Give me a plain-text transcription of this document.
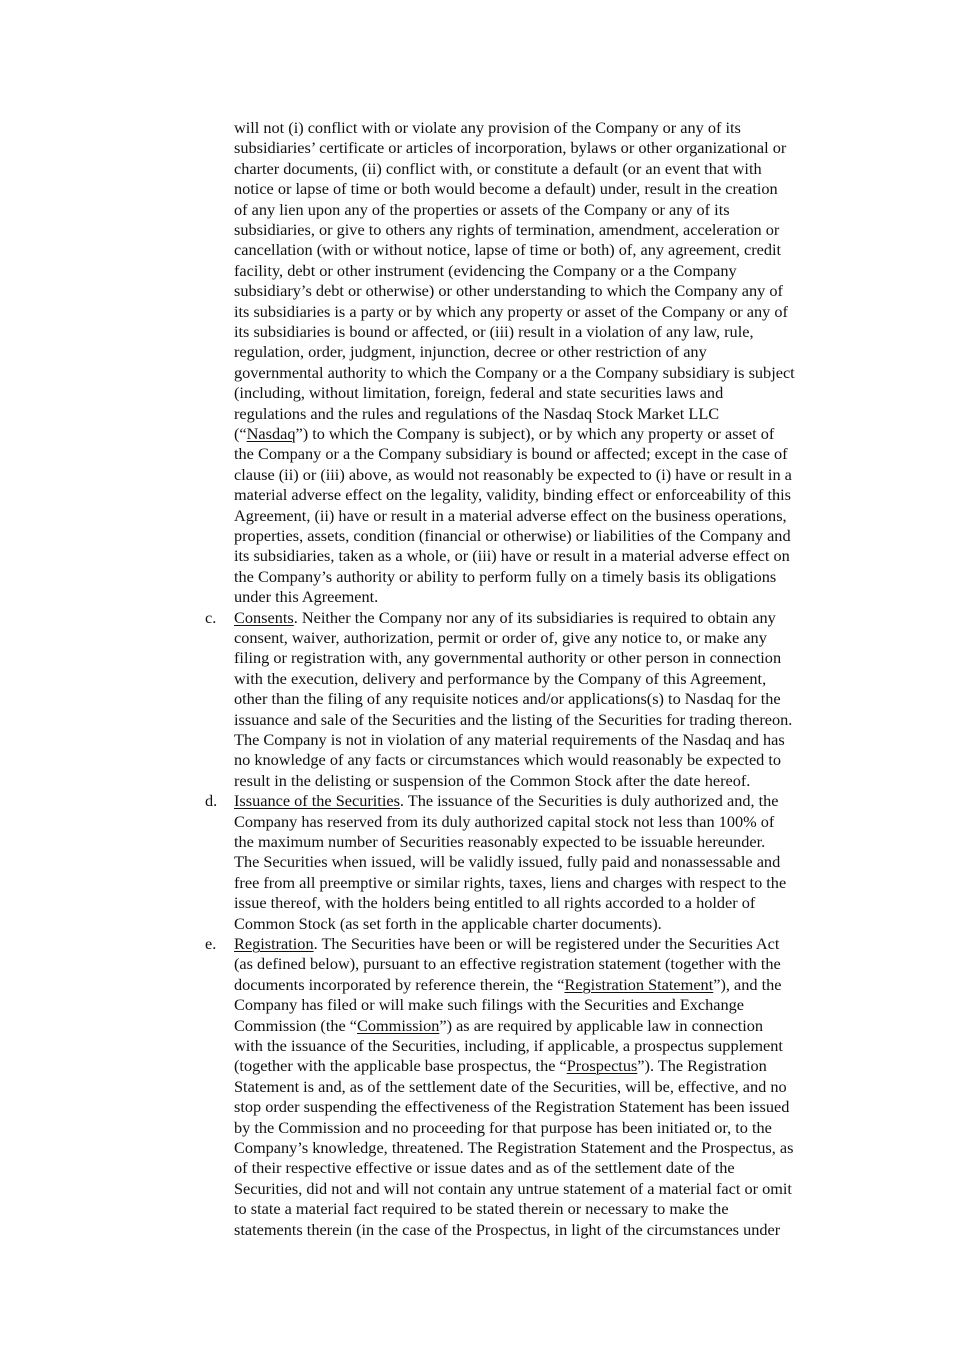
will not (i) conflict with or violate any provision of the Company or any of its
subsidiaries’ certificate or articles of incorporation, bylaws or other organizational or
charter documents, (ii) conflict with, or constitute a default (or an event that with
notice or lapse of time or both would become a default) under, result in the creation
of any lien upon any of the properties or assets of the Company or any of its
subsidiaries, or give to others any rights of termination, amendment, acceleration or
cancellation (with or without notice, lapse of time or both) of, any agreement, credit
facility, debt or other instrument (evidencing the Company or a the Company
subsidiary’s debt or otherwise) or other understanding to which the Company any of
its subsidiaries is a party or by which any property or asset of the Company or any of
its subsidiaries is bound or affected, or (iii) result in a violation of any law, rule,
regulation, order, judgment, injunction, decree or other restriction of any
governmental authority to which the Company or a the Company subsidiary is subject
(including, without limitation, foreign, federal and state securities laws and
regulations and the rules and regulations of the Nasdaq Stock Market LLC
(“Nasdaq”) to which the Company is subject), or by which any property or asset of
the Company or a the Company subsidiary is bound or affected; except in the case of
clause (ii) or (iii) above, as would not reasonably be expected to (i) have or result in a
material adverse effect on the legality, validity, binding effect or enforceability of this
Agreement, (ii) have or result in a material adverse effect on the business operations,
properties, assets, condition (financial or otherwise) or liabilities of the Company and
its subsidiaries, taken as a whole, or (iii) have or result in a material adverse effect on
the Company’s authority or ability to perform fully on a timely basis its obligations
under this Agreement.
c. Consents. Neither the Company nor any of its subsidiaries is required to obtain any
consent, waiver, authorization, permit or order of, give any notice to, or make any
filing or registration with, any governmental authority or other person in connection
with the execution, delivery and performance by the Company of this Agreement,
other than the filing of any requisite notices and/or applications(s) to Nasdaq for the
issuance and sale of the Securities and the listing of the Securities for trading thereon.
The Company is not in violation of any material requirements of the Nasdaq and has
no knowledge of any facts or circumstances which would reasonably be expected to
result in the delisting or suspension of the Common Stock after the date hereof.
d. Issuance of the Securities. The issuance of the Securities is duly authorized and, the
Company has reserved from its duly authorized capital stock not less than 100% of
the maximum number of Securities reasonably expected to be issuable hereunder.
The Securities when issued, will be validly issued, fully paid and nonassessable and
free from all preemptive or similar rights, taxes, liens and charges with respect to the
issue thereof, with the holders being entitled to all rights accorded to a holder of
Common Stock (as set forth in the applicable charter documents).
e. Registration. The Securities have been or will be registered under the Securities Act
(as defined below), pursuant to an effective registration statement (together with the
documents incorporated by reference therein, the “Registration Statement”), and the
Company has filed or will make such filings with the Securities and Exchange
Commission (the “Commission”) as are required by applicable law in connection
with the issuance of the Securities, including, if applicable, a prospectus supplement
(together with the applicable base prospectus, the “Prospectus”). The Registration
Statement is and, as of the settlement date of the Securities, will be, effective, and no
stop order suspending the effectiveness of the Registration Statement has been issued
by the Commission and no proceeding for that purpose has been initiated or, to the
Company’s knowledge, threatened. The Registration Statement and the Prospectus, as
of their respective effective or issue dates and as of the settlement date of the
Securities, did not and will not contain any untrue statement of a material fact or omit
to state a material fact required to be stated therein or necessary to make the
statements therein (in the case of the Prospectus, in light of the circumstances under
